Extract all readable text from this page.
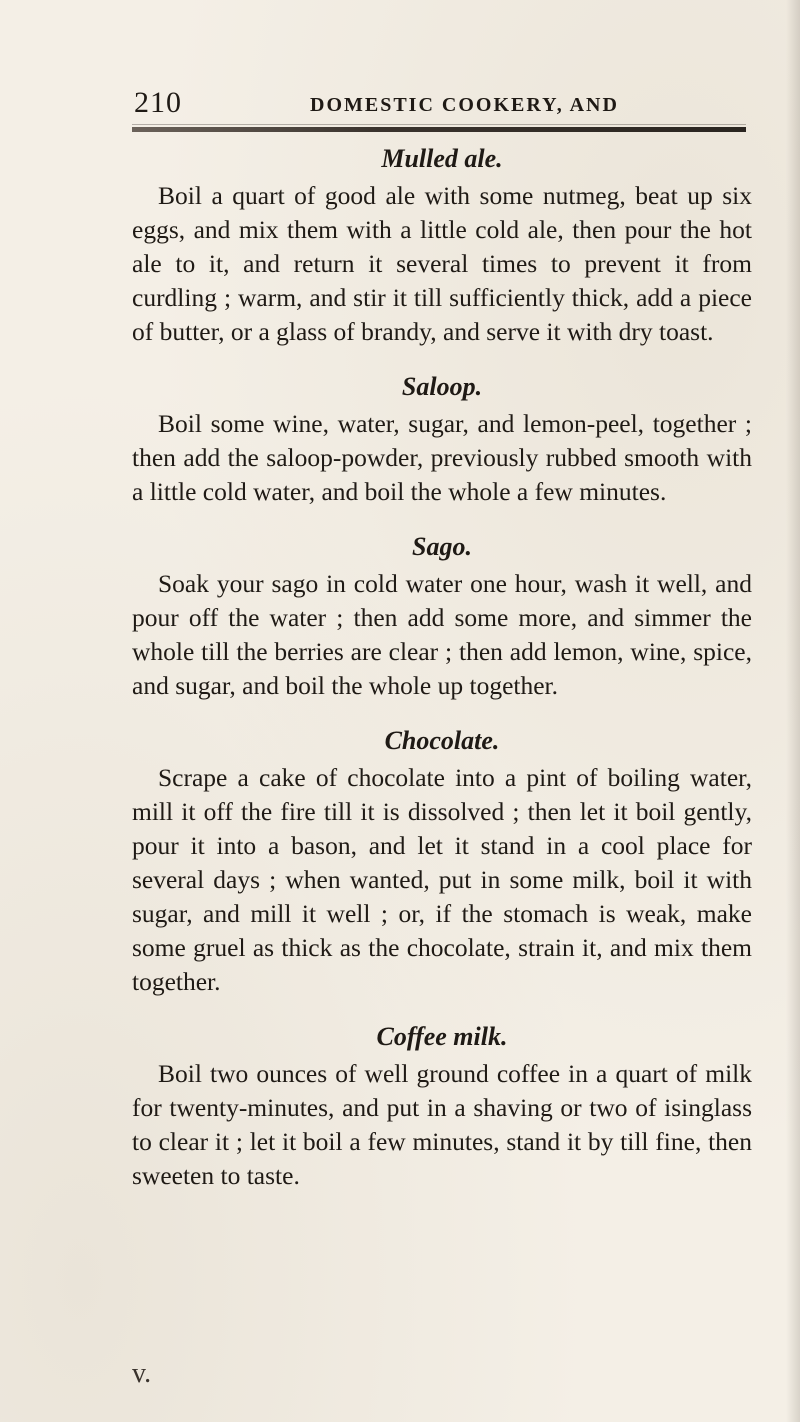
210	DOMESTIC COOKERY, AND
Mulled ale.

Boil a quart of good ale with some nutmeg, beat up six eggs, and mix them with a little cold ale, then pour the hot ale to it, and return it several times to prevent it from curdling ; warm, and stir it till sufficiently thick, add a piece of butter, or a glass of brandy, and serve it with dry toast.

Saloop.

Boil some wine, water, sugar, and lemon-peel, together ; then add the saloop-powder, previously rubbed smooth with a little cold water, and boil the whole a few minutes.

Sago.

Soak your sago in cold water one hour, wash it well, and pour off the water ; then add some more, and simmer the whole till the berries are clear ; then add lemon, wine, spice, and sugar, and boil the whole up together.

Chocolate.

Scrape a cake of chocolate into a pint of boiling water, mill it off the fire till it is dissolved ; then let it boil gently, pour it into a bason, and let it stand in a cool place for several days ; when wanted, put in some milk, boil it with sugar, and mill it well ; or, if the stomach is weak, make some gruel as thick as the chocolate, strain it, and mix them together.

Coffee milk.

Boil two ounces of well ground coffee in a quart of milk for twenty-minutes, and put in a shaving or two of isinglass to clear it ; let it boil a few minutes, stand it by till fine, then sweeten to taste.

v.
